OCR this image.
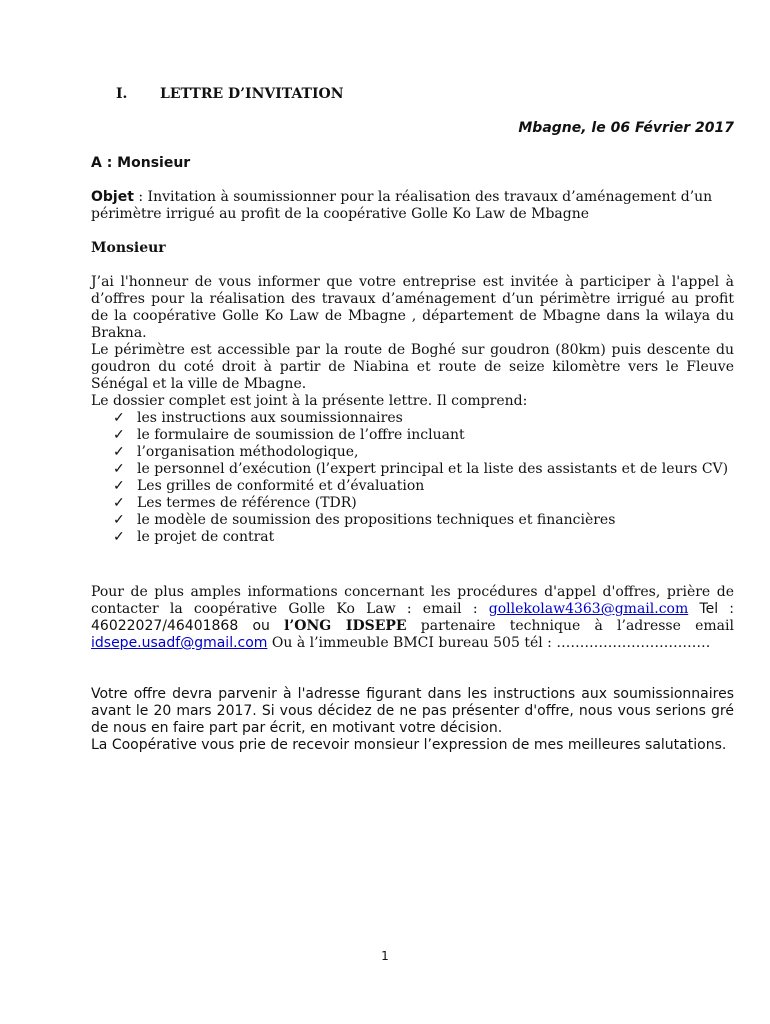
I. LETTRE D’INVITATION
Mbagne, le 06 Février 2017
A : Monsieur
Objet : Invitation à soumissionner pour la réalisation des travaux d’aménagement d’un périmètre irrigué au profit de la coopérative Golle Ko Law de Mbagne
Monsieur

J’ai l'honneur de vous informer que votre entreprise est invitée à participer à l'appel à d’offres pour la réalisation des travaux d’aménagement d’un périmètre irrigué au profit de la coopérative Golle Ko Law de Mbagne , département de Mbagne dans la wilaya du Brakna.

Le périmètre est accessible par la route de Boghé sur goudron (80km) puis descente du goudron du coté droit à partir de Niabina et route de seize kilomètre vers le Fleuve Sénégal et la ville de Mbagne.

Le dossier complet est joint à la présente lettre. Il comprend:

✓ les instructions aux soumissionnaires
✓ le formulaire de soumission de l’offre incluant
✓ l’organisation méthodologique,
✓ le personnel d’exécution (l’expert principal et la liste des assistants et de leurs CV)
✓ Les grilles de conformité et d’évaluation
✓ Les termes de référence (TDR)
✓ le modèle de soumission des propositions techniques et financières
✓ le projet de contrat

Pour de plus amples informations concernant les procédures d'appel d'offres, prière de contacter la coopérative Golle Ko Law : email : gollekolaw4363@gmail.com Tel : 46022027/46401868 ou l’ONG IDSEPE partenaire technique à l’adresse email idsepe.usadf@gmail.com Ou à l’immeuble BMCI bureau 505 tél : ……………………………

Votre offre devra parvenir à l'adresse figurant dans les instructions aux soumissionnaires avant le 20 mars 2017. Si vous décidez de ne pas présenter d'offre, nous vous serions gré de nous en faire part par écrit, en motivant votre décision.

La Coopérative vous prie de recevoir monsieur l’expression de mes meilleures salutations.

1
